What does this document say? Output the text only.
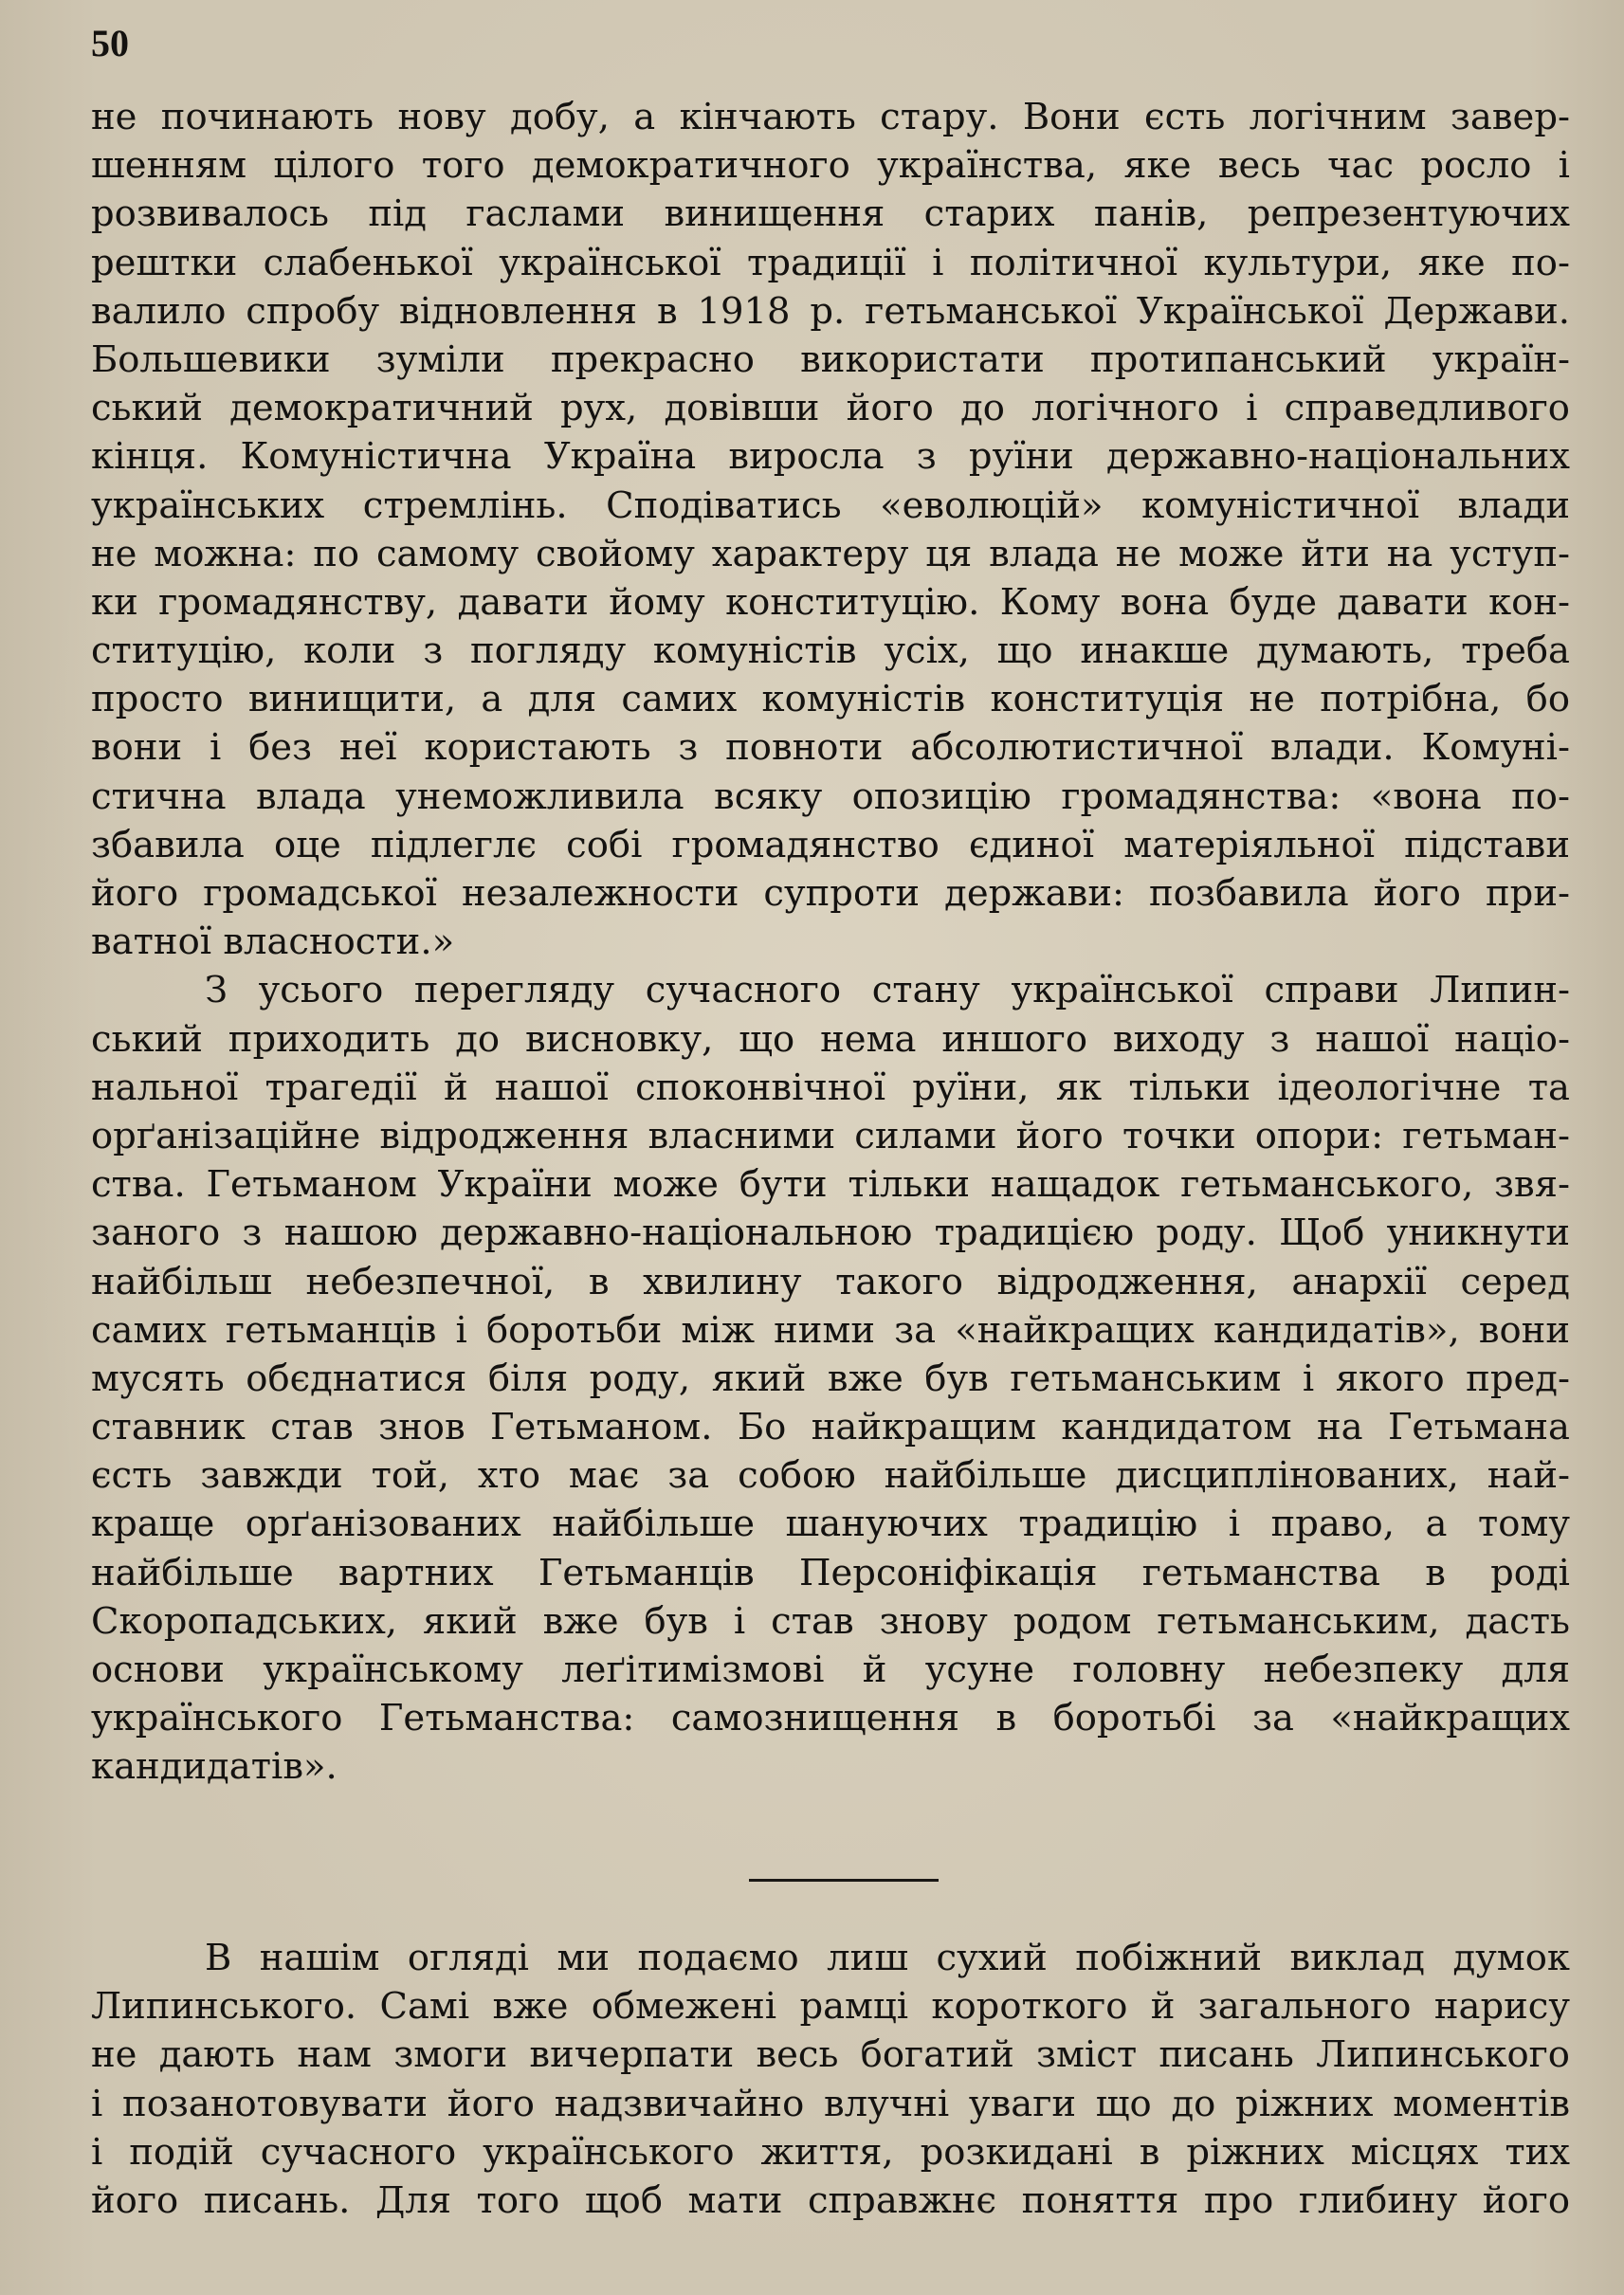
50
не починають нову добу, а кінчають стару. Вони єсть логічним завер-
шенням цілого того демократичного українства, яке весь час росло і
розвивалось під гаслами винищення старих панів, репрезентуючих
рештки слабенької української традиції і політичної культури, яке по-
валило спробу відновлення в 1918 р. гетьманської Української Держави.
Большевики зуміли прекрасно використати протипанський україн-
ський демократичний рух, довівши його до логічного і справедливого
кінця. Комуністична Україна виросла з руїни державно-національних
українських стремлінь. Сподіватись «еволюцій» комуністичної влади
не можна: по самому свойому характеру ця влада не може йти на уступ-
ки громадянству, давати йому конституцію. Кому вона буде давати кон-
ституцію, коли з погляду комуністів усіх, що инакше думають, треба
просто винищити, а для самих комуністів конституція не потрібна, бо
вони і без неї користають з повноти абсолютистичної влади. Комуні-
стична влада унеможливила всяку опозицію громадянства: «вона по-
збавила оце підлеглє собі громадянство єдиної матеріяльної підстави
його громадської незалежности супроти держави: позбавила його при-
ватної власности.»
З усього перегляду сучасного стану української справи Липин-
ський приходить до висновку, що нема иншого виходу з нашої націо-
нальної трагедії й нашої споконвічної руїни, як тільки ідеологічне та
орґанізаційне відродження власними силами його точки опори: гетьман-
ства. Гетьманом України може бути тільки нащадок гетьманського, звя-
заного з нашою державно-національною традицією роду. Щоб уникнути
найбільш небезпечної, в хвилину такого відродження, анархії серед
самих гетьманців і боротьби між ними за «найкращих кандидатів», вони
мусять обєднатися біля роду, який вже був гетьманським і якого пред-
ставник став знов Гетьманом. Бо найкращим кандидатом на Гетьмана
єсть завжди той, хто має за собою найбільше дисциплінованих, най-
краще орґанізованих найбільше шануючих традицію і право, а тому
найбільше вартних Гетьманців Персоніфікація гетьманства в роді
Скоропадських, який вже був і став знову родом гетьманським, дасть
основи українському леґітимізмові й усуне головну небезпеку для
українського Гетьманства: самознищення в боротьбі за «найкращих
кандидатів».
В нашім огляді ми подаємо лиш сухий побіжний виклад думок
Липинського. Самі вже обмежені рамці короткого й загального нарису
не дають нам змоги вичерпати весь богатий зміст писань Липинського
і позанотовувати його надзвичайно влучні уваги що до ріжних моментів
і подій сучасного українського життя, розкидані в ріжних місцях тих
його писань. Для того щоб мати справжнє поняття про глибину його
